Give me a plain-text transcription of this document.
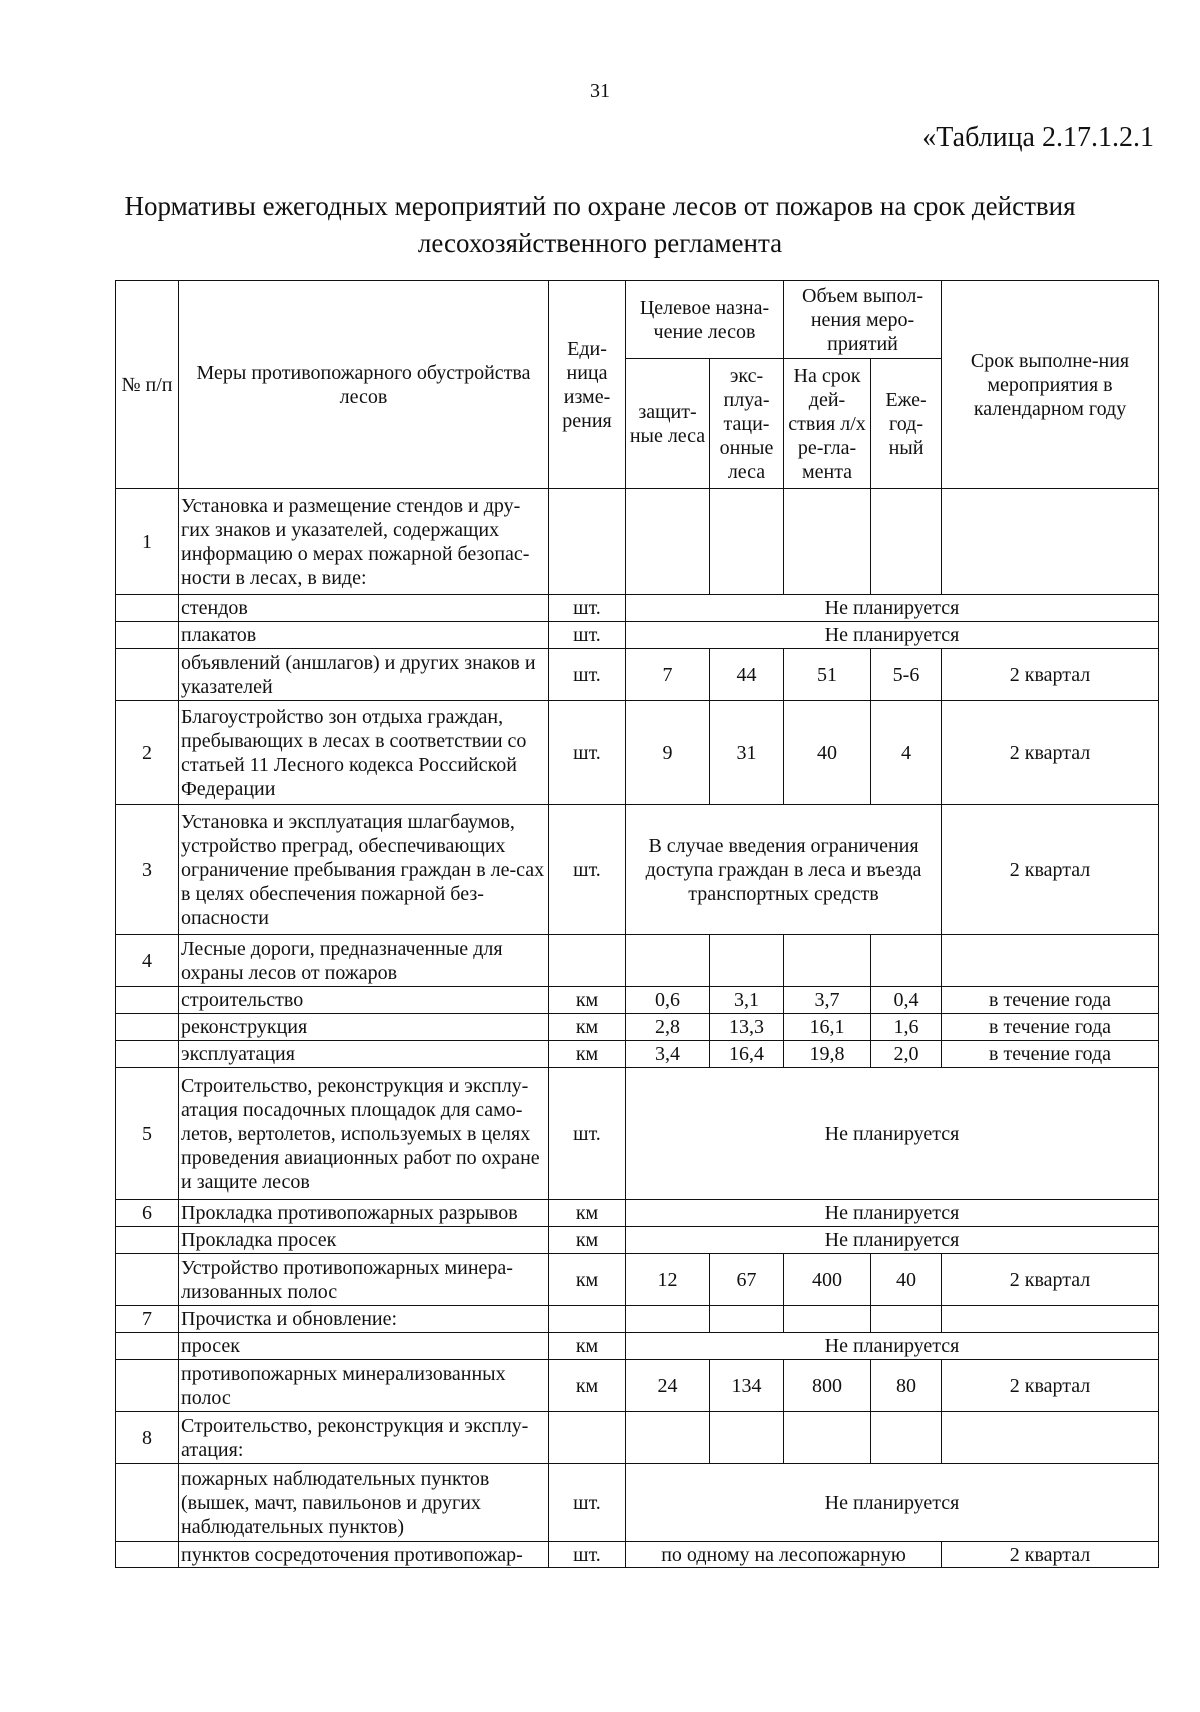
31
«Таблица 2.17.1.2.1
Нормативы ежегодных мероприятий по охране лесов от пожаров на срок действия
лесохозяйственного регламента
№ п/п	Меры противопожарного обустройства лесов	Еди-ница изме-рения	Целевое назна-чение лесов		Объем выпол-нения меро-приятий		Срок выполне-ния мероприятия в календарном году
			защит-ные леса	экс-плуа-таци-онные леса	На срок дей-ствия л/х ре-гла-мента	Еже-год-ный	

1	Установка и размещение стендов и дру-гих знаков и указателей, содержащих информацию о мерах пожарной безопас-ности в лесах, в виде:						
	стендов	шт.	Не планируется				
	плакатов	шт.	Не планируется				
	объявлений (аншлагов) и других знаков и указателей	шт.	7	44	51	5-6	2 квартал
2	Благоустройство зон отдыха граждан, пребывающих в лесах в соответствии со статьей 11 Лесного кодекса Российской Федерации	шт.	9	31	40	4	2 квартал
3	Установка и эксплуатация шлагбаумов, устройство преград, обеспечивающих ограничение пребывания граждан в ле-сах в целях обеспечения пожарной без-опасности	шт.	В случае введения ограничения доступа граждан в леса и въезда транспортных средств				2 квартал
4	Лесные дороги, предназначенные для охраны лесов от пожаров						
	строительство	км	0,6	3,1	3,7	0,4	в течение года
	реконструкция	км	2,8	13,3	16,1	1,6	в течение года
	эксплуатация	км	3,4	16,4	19,8	2,0	в течение года
5	Строительство, реконструкция и эксплу-атация посадочных площадок для само-летов, вертолетов, используемых в целях проведения авиационных работ по охране и защите лесов	шт.	Не планируется				
6	Прокладка противопожарных разрывов	км	Не планируется				
	Прокладка просек	км	Не планируется				
	Устройство противопожарных минера-лизованных полос	км	12	67	400	40	2 квартал
7	Прочистка и обновление:						
	просек	км	Не планируется				
	противопожарных минерализованных полос	км	24	134	800	80	2 квартал
8	Строительство, реконструкция и эксплу-атация:						
	пожарных наблюдательных пунктов (вышек, мачт, павильонов и других наблюдательных пунктов)	шт.	Не планируется				
	пунктов сосредоточения противопожар-	шт.	по одному на лесопожарную				2 квартал
